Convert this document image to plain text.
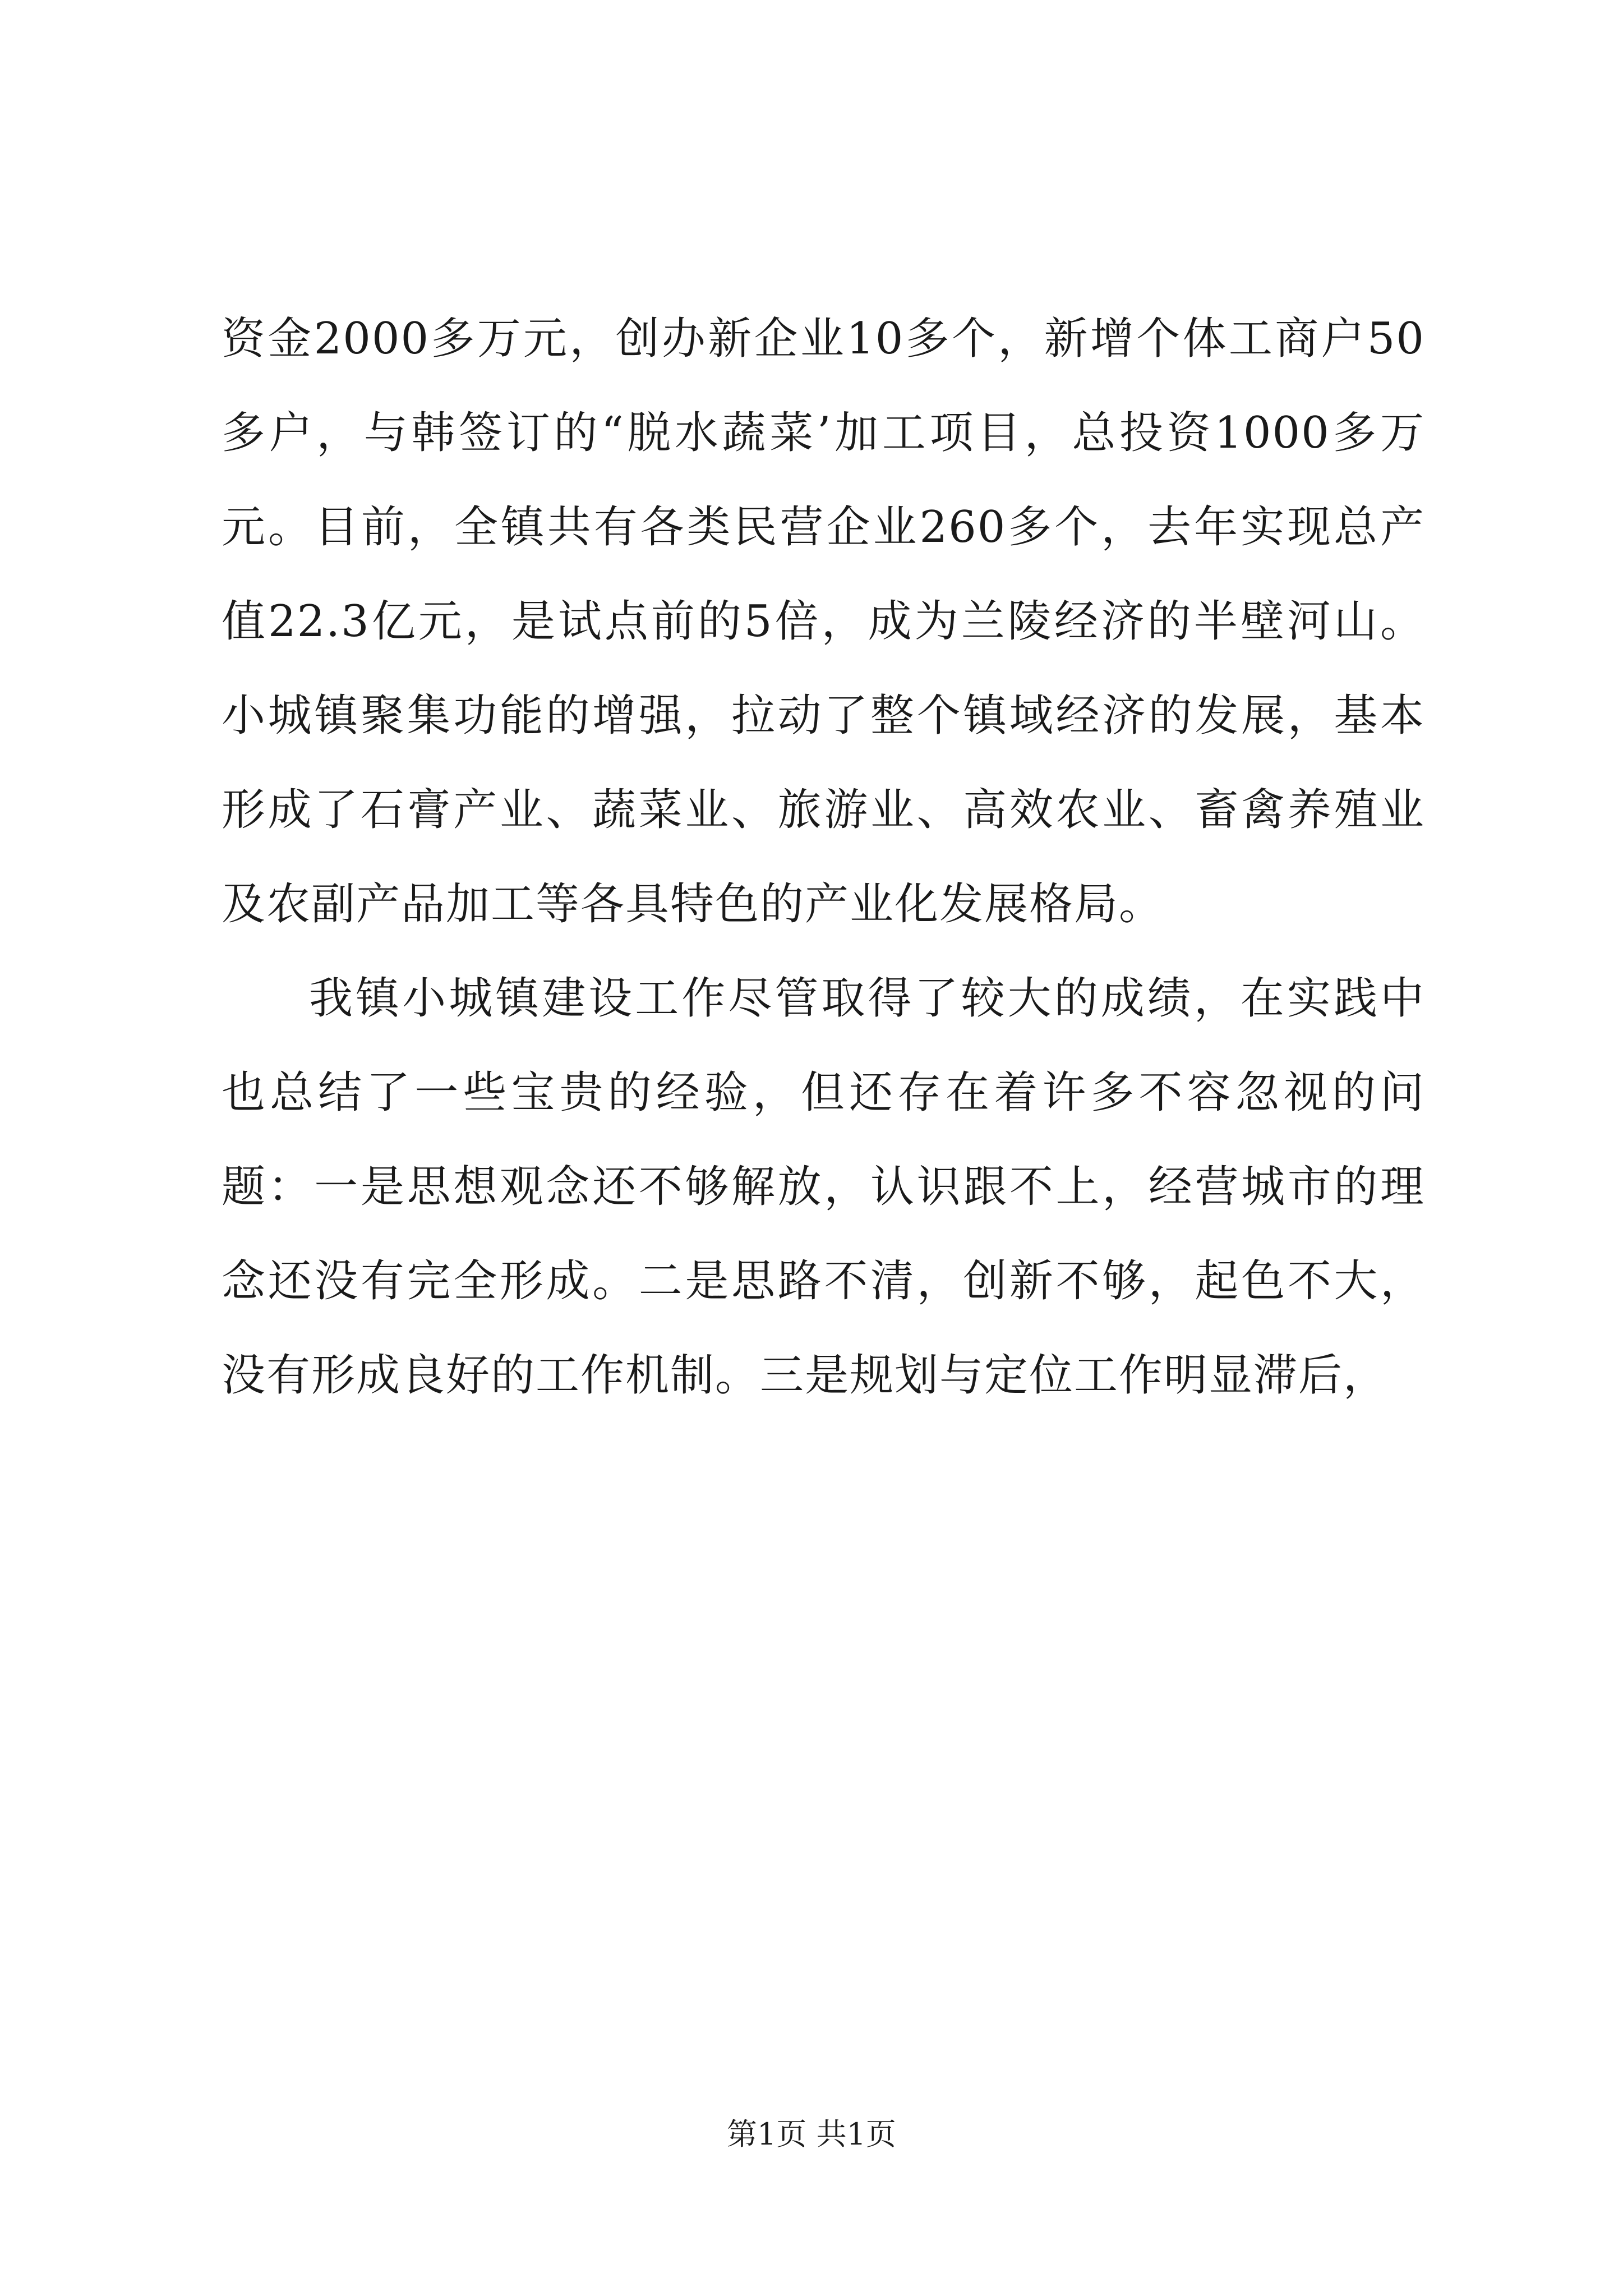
资金2000多万元，创办新企业10多个，新增个体工商户50多户，与韩签订的“脱水蔬菜’加工项目，总投资1000多万元。目前，全镇共有各类民营企业260多个，去年实现总产值22.3亿元，是试点前的5倍，成为兰陵经济的半壁河山。小城镇聚集功能的增强，拉动了整个镇域经济的发展，基本形成了石膏产业、蔬菜业、旅游业、高效农业、畜禽养殖业及农副产品加工等各具特色的产业化发展格局。

我镇小城镇建设工作尽管取得了较大的成绩，在实践中也总结了一些宝贵的经验，但还存在着许多不容忽视的问题：一是思想观念还不够解放，认识跟不上，经营城市的理念还没有完全形成。二是思路不清，创新不够，起色不大，没有形成良好的工作机制。三是规划与定位工作明显滞后，

第1页 共1页
